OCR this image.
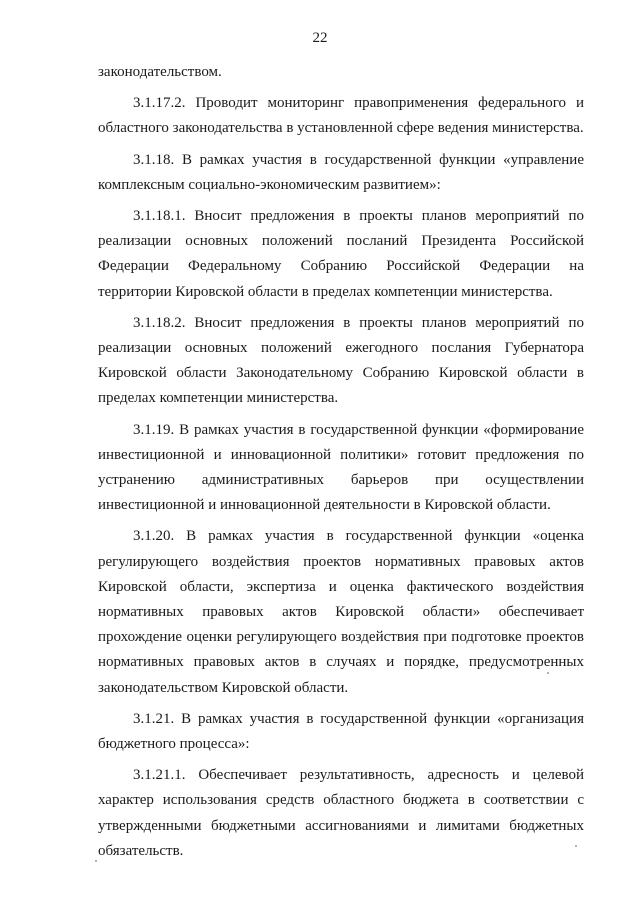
22

законодательством.

3.1.17.2. Проводит мониторинг правоприменения федерального и областного законодательства в установленной сфере ведения министерства.

3.1.18. В рамках участия в государственной функции «управление комплексным социально-экономическим развитием»:

3.1.18.1. Вносит предложения в проекты планов мероприятий по реализации основных положений посланий Президента Российской Федерации Федеральному Собранию Российской Федерации на территории Кировской области в пределах компетенции министерства.

3.1.18.2. Вносит предложения в проекты планов мероприятий по реализации основных положений ежегодного послания Губернатора Кировской области Законодательному Собранию Кировской области в пределах компетенции министерства.

3.1.19. В рамках участия в государственной функции «формирование инвестиционной и инновационной политики» готовит предложения по устранению административных барьеров при осуществлении инвестиционной и инновационной деятельности в Кировской области.

3.1.20. В рамках участия в государственной функции «оценка регулирующего воздействия проектов нормативных правовых актов Кировской области, экспертиза и оценка фактического воздействия нормативных правовых актов Кировской области» обеспечивает прохождение оценки регулирующего воздействия при подготовке проектов нормативных правовых актов в случаях и порядке, предусмотренных законодательством Кировской области.

3.1.21. В рамках участия в государственной функции «организация бюджетного процесса»:

3.1.21.1. Обеспечивает результативность, адресность и целевой характер использования средств областного бюджета в соответствии с утвержденными бюджетными ассигнованиями и лимитами бюджетных обязательств.
